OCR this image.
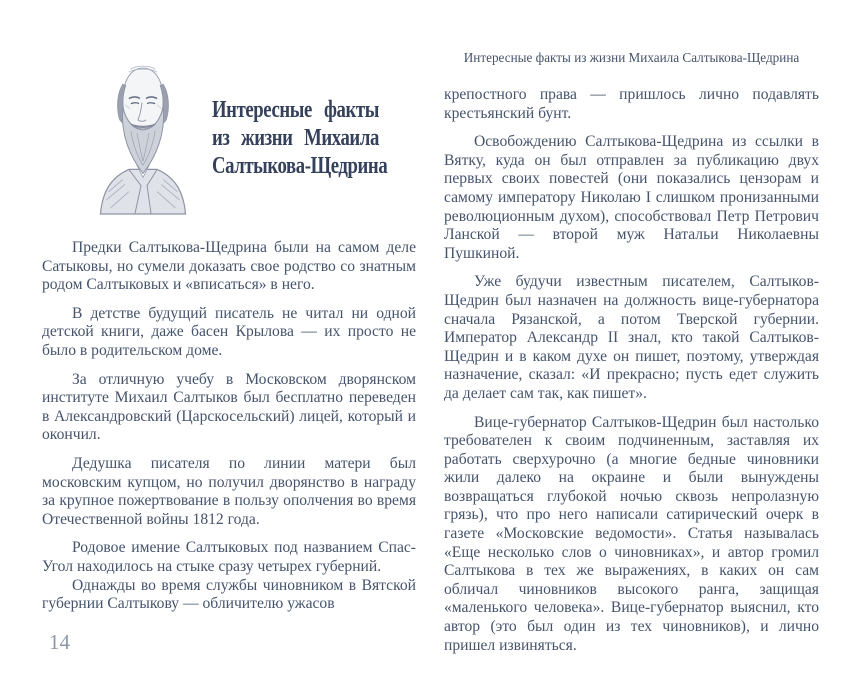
Интересные факты
из жизни Михаила
Салтыкова-Щедрина

Предки Салтыкова-Щедрина были на самом деле Сатыковы, но сумели доказать свое родство со знатным родом Салтыковых и «вписаться» в него.

В детстве будущий писатель не читал ни одной детской книги, даже басен Крылова — их просто не было в родительском доме.

За отличную учебу в Московском дворянском институте Михаил Салтыков был бесплатно переведен в Александровский (Царскосельский) лицей, который и окончил.

Дедушка писателя по линии матери был московским купцом, но получил дворянство в награду за крупное пожертвование в пользу ополчения во время Отечественной войны 1812 года.

Родовое имение Салтыковых под названием Спас-Угол находилось на стыке сразу четырех губерний.

Однажды во время службы чиновником в Вятской губернии Салтыкову — обличителю ужасов

14
Интересные факты из жизни Михаила Салтыкова-Щедрина

крепостного права — пришлось лично подавлять крестьянский бунт.

Освобождению Салтыкова-Щедрина из ссылки в Вятку, куда он был отправлен за публикацию двух первых своих повестей (они показались цензорам и самому императору Николаю I слишком пронизанными революционным духом), способствовал Петр Петрович Ланской — второй муж Натальи Николаевны Пушкиной.

Уже будучи известным писателем, Салтыков-Щедрин был назначен на должность вице-губернатора сначала Рязанской, а потом Тверской губернии. Император Александр II знал, кто такой Салтыков-Щедрин и в каком духе он пишет, поэтому, утверждая назначение, сказал: «И прекрасно; пусть едет служить да делает сам так, как пишет».

Вице-губернатор Салтыков-Щедрин был настолько требователен к своим подчиненным, заставляя их работать сверхурочно (а многие бедные чиновники жили далеко на окраине и были вынуждены возвращаться глубокой ночью сквозь непролазную грязь), что про него написали сатирический очерк в газете «Московские ведомости». Статья называлась «Еще несколько слов о чиновниках», и автор громил Салтыкова в тех же выражениях, в каких он сам обличал чиновников высокого ранга, защищая «маленького человека». Вице-губернатор выяснил, кто автор (это был один из тех чиновников), и лично пришел извиняться.
